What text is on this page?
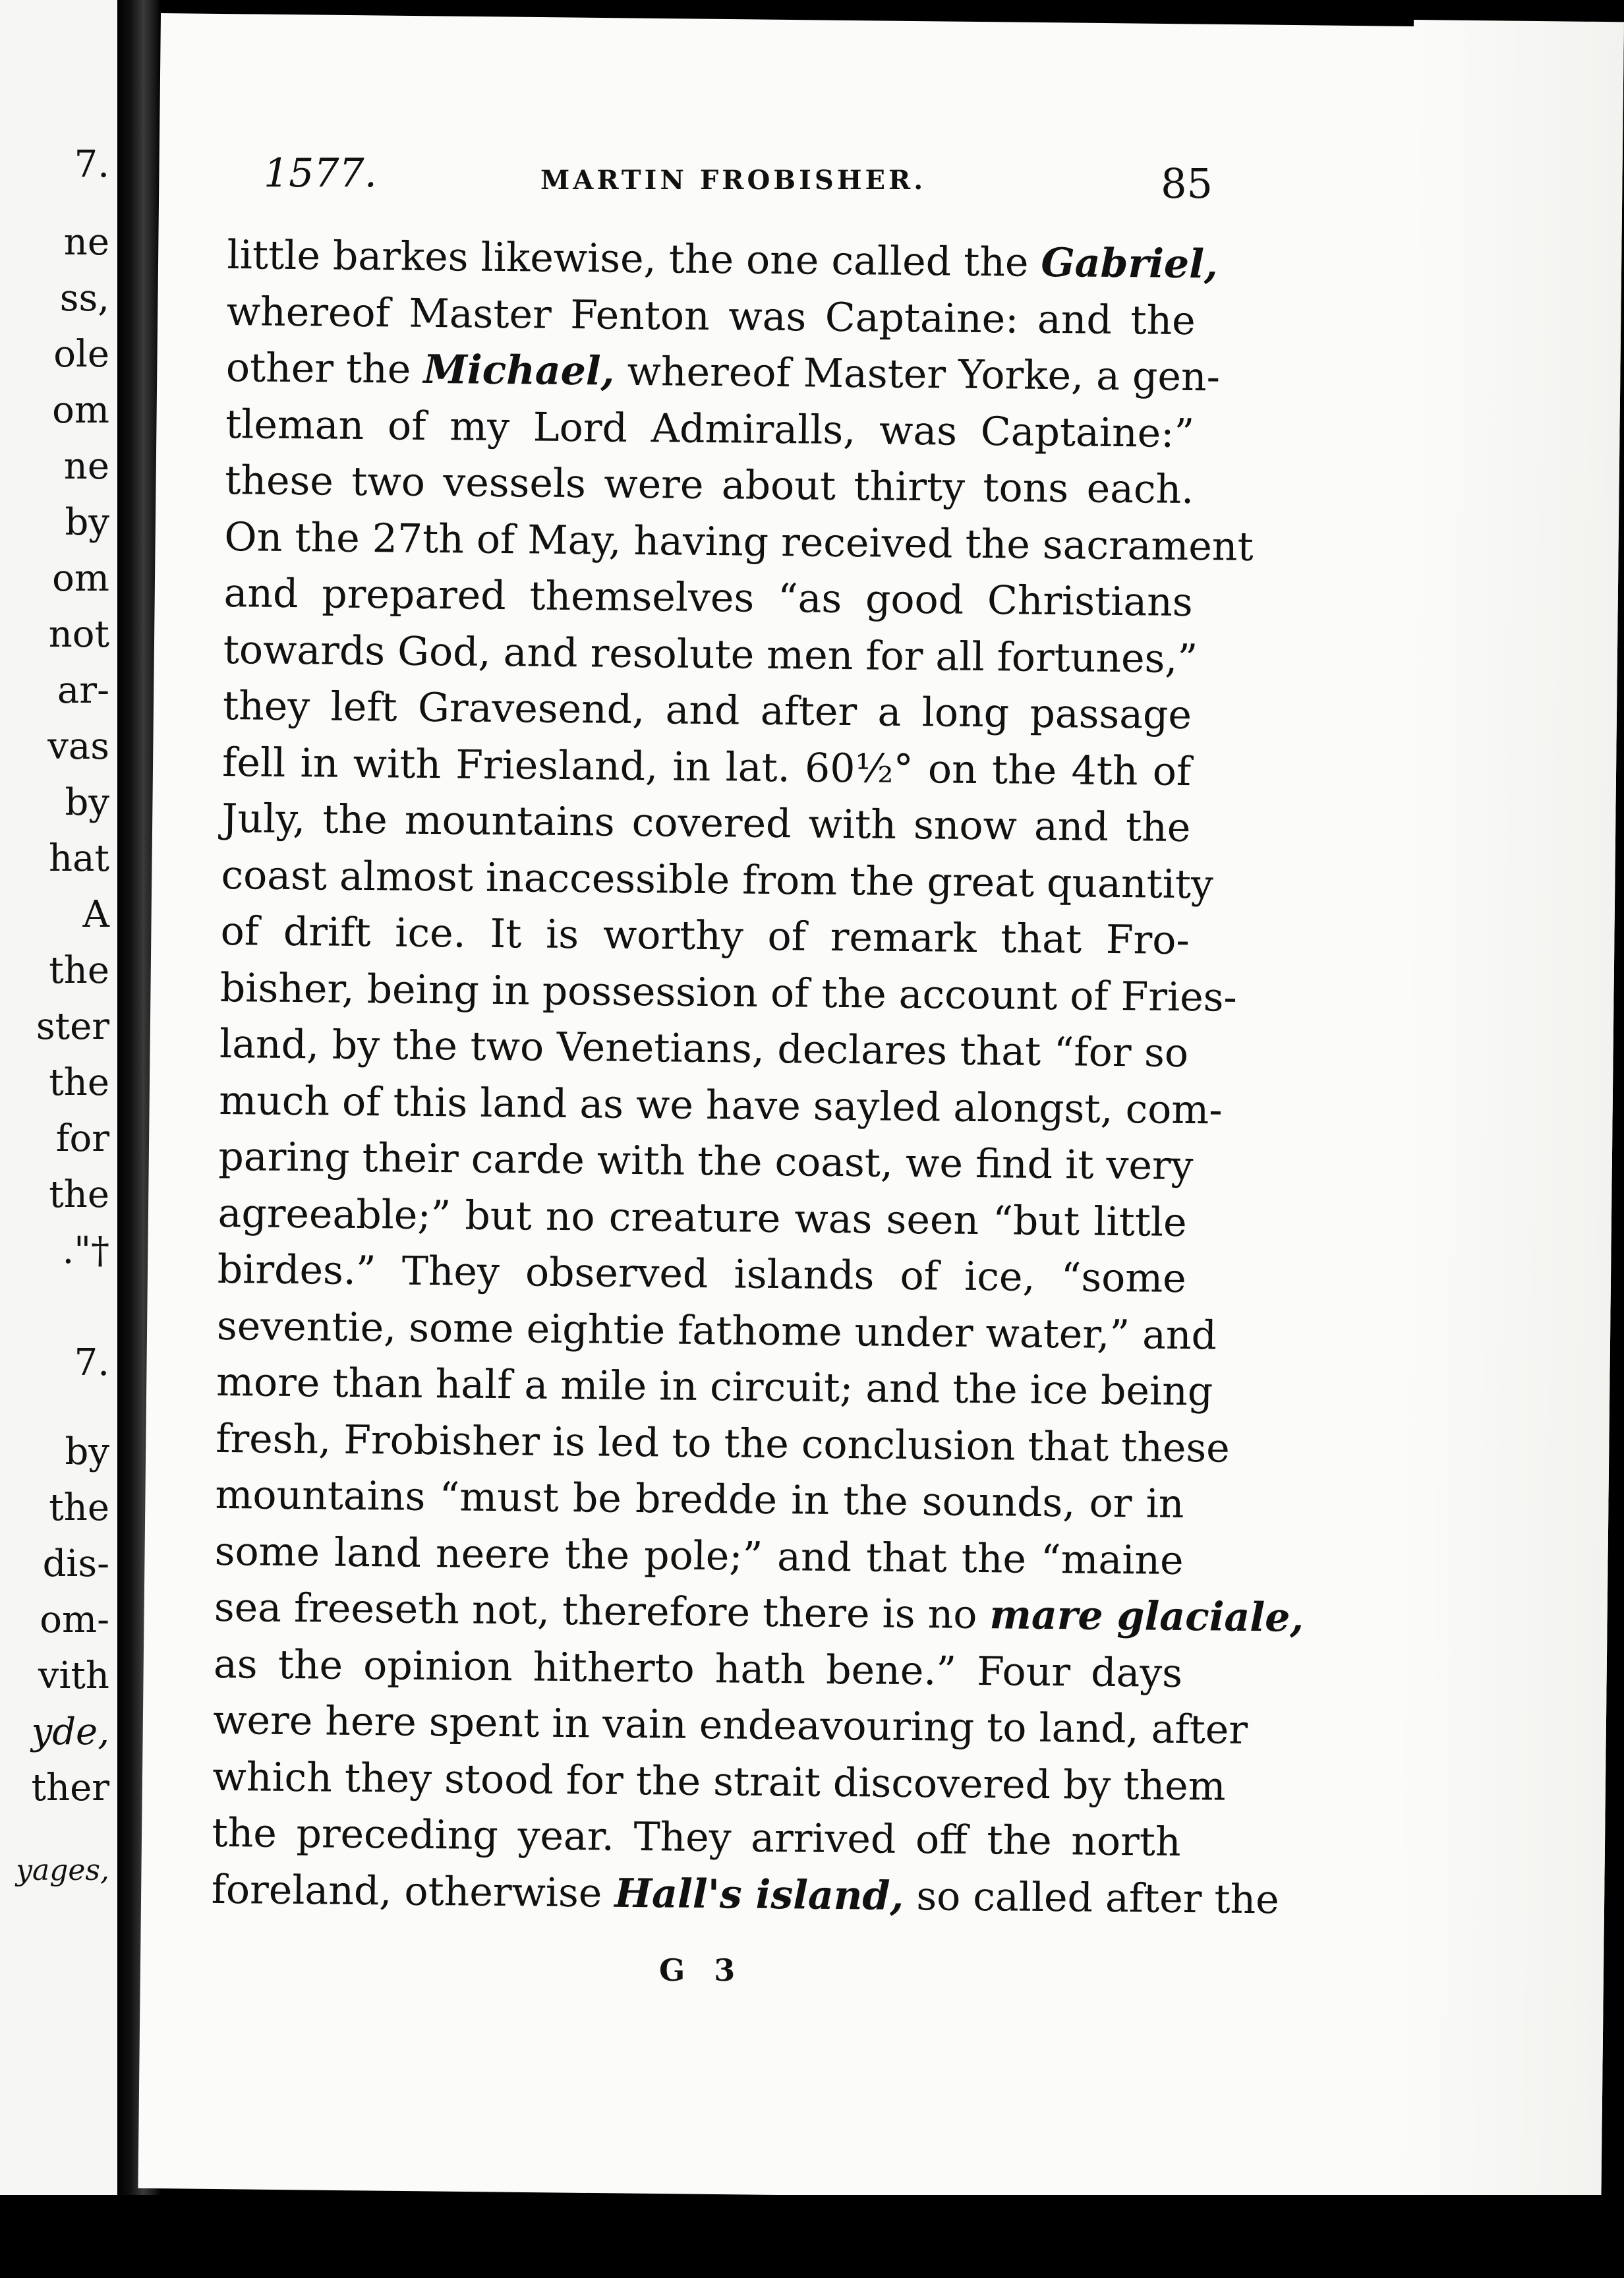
7.
ne
ss,
ole
om
ne
by
om
not
ar-
vas
by
hat
A
the
ster
the
for
the
."†
7.
by
the
dis-
om-
vith
yde,
ther
yages,
1577.	MARTIN FROBISHER.	85
little barkes likewise, the one called the Gabriel,
whereof Master Fenton was Captaine: and the
other the Michael, whereof Master Yorke, a gen-
tleman of my Lord Admiralls, was Captaine:”
these two vessels were about thirty tons each.
On the 27th of May, having received the sacrament
and prepared themselves “as good Christians
towards God, and resolute men for all fortunes,”
they left Gravesend, and after a long passage
fell in with Friesland, in lat. 60½° on the 4th of
July, the mountains covered with snow and the
coast almost inaccessible from the great quantity
of drift ice. It is worthy of remark that Fro-
bisher, being in possession of the account of Fries-
land, by the two Venetians, declares that “for so
much of this land as we have sayled alongst, com-
paring their carde with the coast, we find it very
agreeable;” but no creature was seen “but little
birdes.” They observed islands of ice, “some
seventie, some eightie fathome under water,” and
more than half a mile in circuit; and the ice being
fresh, Frobisher is led to the conclusion that these
mountains “must be bredde in the sounds, or in
some land neere the pole;” and that the “maine
sea freeseth not, therefore there is no mare glaciale,
as the opinion hitherto hath bene.” Four days
were here spent in vain endeavouring to land, after
which they stood for the strait discovered by them
the preceding year. They arrived off the north
foreland, otherwise Hall's island, so called after the
G 3
